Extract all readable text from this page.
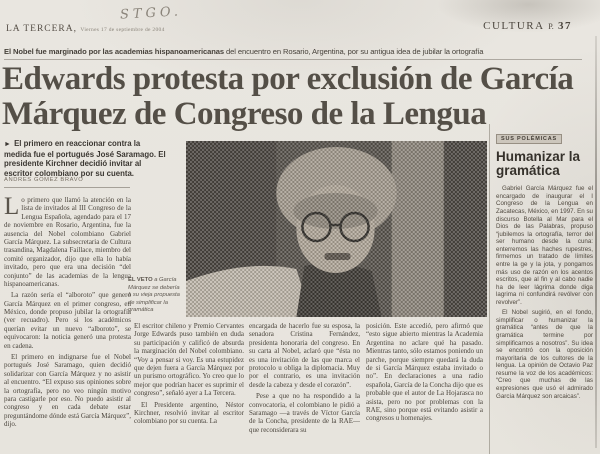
STGO.
LA TERCERA, Viernes 17 de septiembre de 2004	CULTURA P. 37
El Nobel fue marginado por las academias hispanoamericanas del encuentro en Rosario, Argentina, por su antigua idea de jubilar la ortografía
Edwards protesta por exclusión de García
Márquez de Congreso de la Lengua
► El primero en reaccionar contra la medida fue el portugués José Saramago. El presidente Kirchner decidió invitar al escritor colombiano por su cuenta.
ANDRES GOMEZ BRAVO
EL VETO a García Márquez se debería a su vieja propuesta de simplificar la gramática

Lo primero que llamó la atención en la lista de invitados al III Congreso de la Lengua Española, agendado para el 17 de noviembre en Rosario, Argentina, fue la ausencia del Nobel colombiano Gabriel García Márquez. La subsecretaria de Cultura trasandina, Magdalena Faillace, miembro del comité organizador, dijo que ella lo había invitado, pero que era una decisión “del conjunto” de las academias de la lengua hispanoamericanas.

La razón sería el “alboroto” que generó García Márquez en el primer congreso, en México, donde propuso jubilar la ortografía (ver recuadro). Pero si los académicos querían evitar un nuevo “alboroto”, se equivocaron: la noticia generó una protesta en cadena.

El primero en indignarse fue el Nobel portugués José Saramago, quien decidió solidarizar con García Márquez y no asistir al encuentro. “El expuso sus opiniones sobre la ortografía, pero no veo ningún motivo para castigarle por eso. No puedo asistir al congreso y en cada debate estar preguntándome dónde está García Márquez”, dijo.

El escritor chileno y Premio Cervantes Jorge Edwards puso también en duda su participación y calificó de absurda la marginación del Nobel colombiano. “Voy a pensar si voy. Es una estupidez que dejen fuera a García Márquez por un purismo ortográfico. Yo creo que lo mejor que podrían hacer es suprimir el congreso”, señaló ayer a La Tercera.

El Presidente argentino, Néstor Kirchner, resolvió invitar al escritor colombiano por su cuenta. La

encargada de hacerlo fue su esposa, la senadora Cristina Fernández, presidenta honoraria del congreso. En su carta al Nobel, aclaró que “ésta no es una invitación de las que marca el protocolo u obliga la diplomacia. Muy por el contrario, es una invitación desde la cabeza y desde el corazón”.

Pese a que no ha respondido a la convocatoria, el colombiano le pidió a Saramago —a través de Víctor García de la Concha, presidente de la RAE— que reconsiderara su

posición. Este accedió, pero afirmó que “esto sigue abierto mientras la Academia Argentina no aclare qué ha pasado. Mientras tanto, sólo estamos poniendo un parche, porque siempre quedará la duda de si García Márquez estaba invitado o no”. En declaraciones a una radio española, García de la Concha dijo que es probable que el autor de La Hojarasca no asista, pero no por problemas con la RAE, sino porque está evitando asistir a congresos u homenajes.

SUS POLÉMICAS
Humanizar la gramática

Gabriel García Márquez fue el encargado de inaugurar el I Congreso de la Lengua en Zacatecas, México, en 1997. En su discurso Botella al Mar para el Dios de las Palabras, propuso “jubilemos la ortografía, terror del ser humano desde la cuna: enterremos las haches rupestres, firmemos un tratado de límites entre la ge y la jota, y pongamos más uso de razón en los acentos escritos, que al fin y al cabo nadie ha de leer lágrima donde diga lagrima ni confundirá revólver con revolver”.

El Nobel sugirió, en el fondo, simplificar o humanizar la gramática “antes de que la gramática termine por simplificarnos a nosotros”. Su idea se encontró con la oposición mayoritaria de los cultores de la lengua. La opinión de Octavio Paz resume la voz de los académicos: “Creo que muchas de las expresiones que usó el admirado García Márquez son arcaicas”.
